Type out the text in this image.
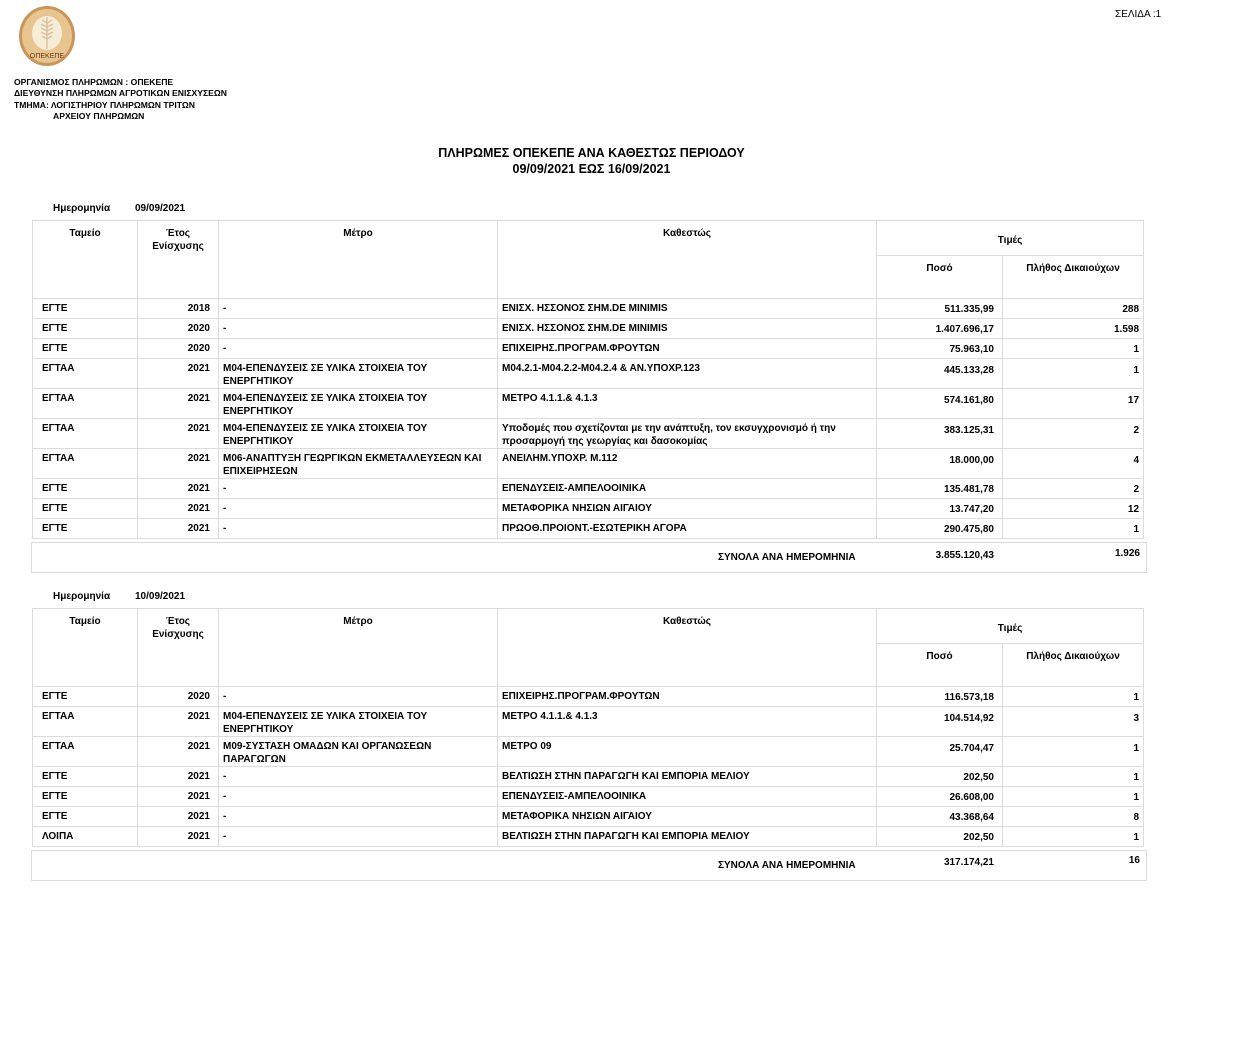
ΟΠΕΚΕΠΕ
ΣΕΛΙΔΑ :1
ΟΡΓΑΝΙΣΜΟΣ ΠΛΗΡΩΜΩΝ : ΟΠΕΚΕΠΕ
ΔΙΕΥΘΥΝΣΗ ΠΛΗΡΩΜΩΝ ΑΓΡΟΤΙΚΩΝ ΕΝΙΣΧΥΣΕΩΝ
ΤΜΗΜΑ: ΛΟΓΙΣΤΗΡΙΟΥ ΠΛΗΡΩΜΩΝ ΤΡΙΤΩΝ
ΑΡΧΕΙΟΥ ΠΛΗΡΩΜΩΝ
ΠΛΗΡΩΜΕΣ ΟΠΕΚΕΠΕ ΑΝΑ ΚΑΘΕΣΤΩΣ ΠΕΡΙΟΔΟΥ
09/09/2021 ΕΩΣ 16/09/2021
Ημερομηνία 09/09/2021
Ταμείο	Έτος Ενίσχυσης	Μέτρο	Καθεστώς	Τιμές	
				Ποσό	Πλήθος Δικαιούχων
ΕΓΤΕ	2018	-	ΕΝΙΣΧ. ΗΣΣΟΝΟΣ ΣΗΜ.DE MINIMIS	511.335,99	288
ΕΓΤΕ	2020	-	ΕΝΙΣΧ. ΗΣΣΟΝΟΣ ΣΗΜ.DE MINIMIS	1.407.696,17	1.598
ΕΓΤΕ	2020	-	ΕΠΙΧΕΙΡΗΣ.ΠΡΟΓΡΑΜ.ΦΡΟΥΤΩΝ	75.963,10	1
ΕΓΤΑΑ	2021	Μ04-ΕΠΕΝΔΥΣΕΙΣ ΣΕ ΥΛΙΚΑ ΣΤΟΙΧΕΙΑ ΤΟΥ ΕΝΕΡΓΗΤΙΚΟΥ	Μ04.2.1-Μ04.2.2-Μ04.2.4 & ΑΝ.ΥΠΟΧΡ.123	445.133,28	1
ΕΓΤΑΑ	2021	Μ04-ΕΠΕΝΔΥΣΕΙΣ ΣΕ ΥΛΙΚΑ ΣΤΟΙΧΕΙΑ ΤΟΥ ΕΝΕΡΓΗΤΙΚΟΥ	ΜΕΤΡΟ 4.1.1.& 4.1.3	574.161,80	17
ΕΓΤΑΑ	2021	Μ04-ΕΠΕΝΔΥΣΕΙΣ ΣΕ ΥΛΙΚΑ ΣΤΟΙΧΕΙΑ ΤΟΥ ΕΝΕΡΓΗΤΙΚΟΥ	Υποδομές που σχετίζονται με την ανάπτυξη, τον εκσυγχρονισμό ή την προσαρμογή της γεωργίας και δασοκομίας	383.125,31	2
ΕΓΤΑΑ	2021	Μ06-ΑΝΑΠΤΥΞΗ ΓΕΩΡΓΙΚΩΝ ΕΚΜΕΤΑΛΛΕΥΣΕΩΝ ΚΑΙ ΕΠΙΧΕΙΡΗΣΕΩΝ	ΑΝΕΙΛΗΜ.ΥΠΟΧΡ. Μ.112	18.000,00	4
ΕΓΤΕ	2021	-	ΕΠΕΝΔΥΣΕΙΣ-ΑΜΠΕΛΟΟΙΝΙΚΑ	135.481,78	2
ΕΓΤΕ	2021	-	ΜΕΤΑΦΟΡΙΚΑ ΝΗΣΙΩΝ ΑΙΓΑΙΟΥ	13.747,20	12
ΕΓΤΕ	2021	-	ΠΡΩΟΘ.ΠΡΟΙΟΝΤ.-ΕΣΩΤΕΡΙΚΗ ΑΓΟΡΑ	290.475,80	1
ΣΥΝΟΛΑ ΑΝΑ ΗΜΕΡΟΜΗΝΙΑ	3.855.120,43	1.926
Ημερομηνία 10/09/2021
Ταμείο	Έτος Ενίσχυσης	Μέτρο	Καθεστώς	Τιμές	
				Ποσό	Πλήθος Δικαιούχων
ΕΓΤΕ	2020	-	ΕΠΙΧΕΙΡΗΣ.ΠΡΟΓΡΑΜ.ΦΡΟΥΤΩΝ	116.573,18	1
ΕΓΤΑΑ	2021	Μ04-ΕΠΕΝΔΥΣΕΙΣ ΣΕ ΥΛΙΚΑ ΣΤΟΙΧΕΙΑ ΤΟΥ ΕΝΕΡΓΗΤΙΚΟΥ	ΜΕΤΡΟ 4.1.1.& 4.1.3	104.514,92	3
ΕΓΤΑΑ	2021	Μ09-ΣΥΣΤΑΣΗ ΟΜΑΔΩΝ ΚΑΙ ΟΡΓΑΝΩΣΕΩΝ ΠΑΡΑΓΩΓΩΝ	ΜΕΤΡΟ 09	25.704,47	1
ΕΓΤΕ	2021	-	ΒΕΛΤΙΩΣΗ ΣΤΗΝ ΠΑΡΑΓΩΓΗ ΚΑΙ ΕΜΠΟΡΙΑ ΜΕΛΙΟΥ	202,50	1
ΕΓΤΕ	2021	-	ΕΠΕΝΔΥΣΕΙΣ-ΑΜΠΕΛΟΟΙΝΙΚΑ	26.608,00	1
ΕΓΤΕ	2021	-	ΜΕΤΑΦΟΡΙΚΑ ΝΗΣΙΩΝ ΑΙΓΑΙΟΥ	43.368,64	8
ΛΟΙΠΑ	2021	-	ΒΕΛΤΙΩΣΗ ΣΤΗΝ ΠΑΡΑΓΩΓΗ ΚΑΙ ΕΜΠΟΡΙΑ ΜΕΛΙΟΥ	202,50	1
ΣΥΝΟΛΑ ΑΝΑ ΗΜΕΡΟΜΗΝΙΑ	317.174,21	16
